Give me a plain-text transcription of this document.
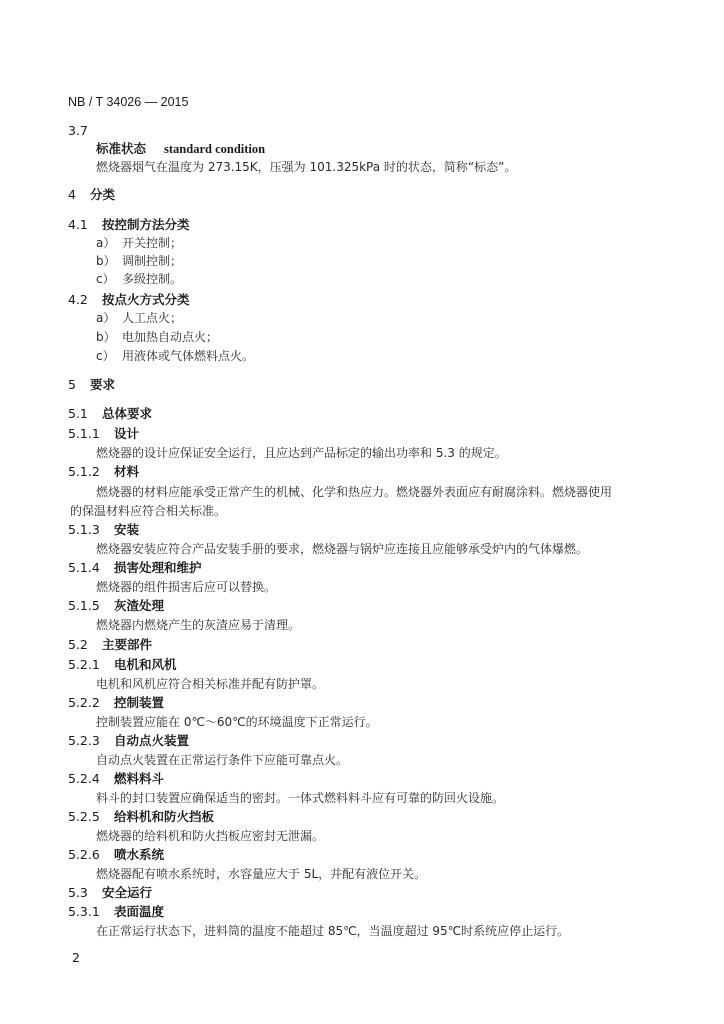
NB / T 34026 — 2015
3.7
标准状态 standard condition
燃烧器烟气在温度为 273.15K，压强为 101.325kPa 时的状态，简称“标态”。
4 分类
4.1 按控制方法分类
a） 开关控制；
b） 调制控制；
c） 多级控制。
4.2 按点火方式分类
a） 人工点火；
b） 电加热自动点火；
c） 用液体或气体燃料点火。
5 要求
5.1 总体要求
5.1.1 设计
燃烧器的设计应保证安全运行，且应达到产品标定的输出功率和 5.3 的规定。
5.1.2 材料
燃烧器的材料应能承受正常产生的机械、化学和热应力。燃烧器外表面应有耐腐涂料。燃烧器使用
的保温材料应符合相关标准。
5.1.3 安装
燃烧器安装应符合产品安装手册的要求，燃烧器与锅炉应连接且应能够承受炉内的气体爆燃。
5.1.4 损害处理和维护
燃烧器的组件损害后应可以替换。
5.1.5 灰渣处理
燃烧器内燃烧产生的灰渣应易于清理。
5.2 主要部件
5.2.1 电机和风机
电机和风机应符合相关标准并配有防护罩。
5.2.2 控制装置
控制装置应能在 0℃～60℃的环境温度下正常运行。
5.2.3 自动点火装置
自动点火装置在正常运行条件下应能可靠点火。
5.2.4 燃料料斗
料斗的封口装置应确保适当的密封。一体式燃料料斗应有可靠的防回火设施。
5.2.5 给料机和防火挡板
燃烧器的给料机和防火挡板应密封无泄漏。
5.2.6 喷水系统
燃烧器配有喷水系统时，水容量应大于 5L，并配有液位开关。
5.3 安全运行
5.3.1 表面温度
在正常运行状态下，进料筒的温度不能超过 85℃，当温度超过 95℃时系统应停止运行。
2
